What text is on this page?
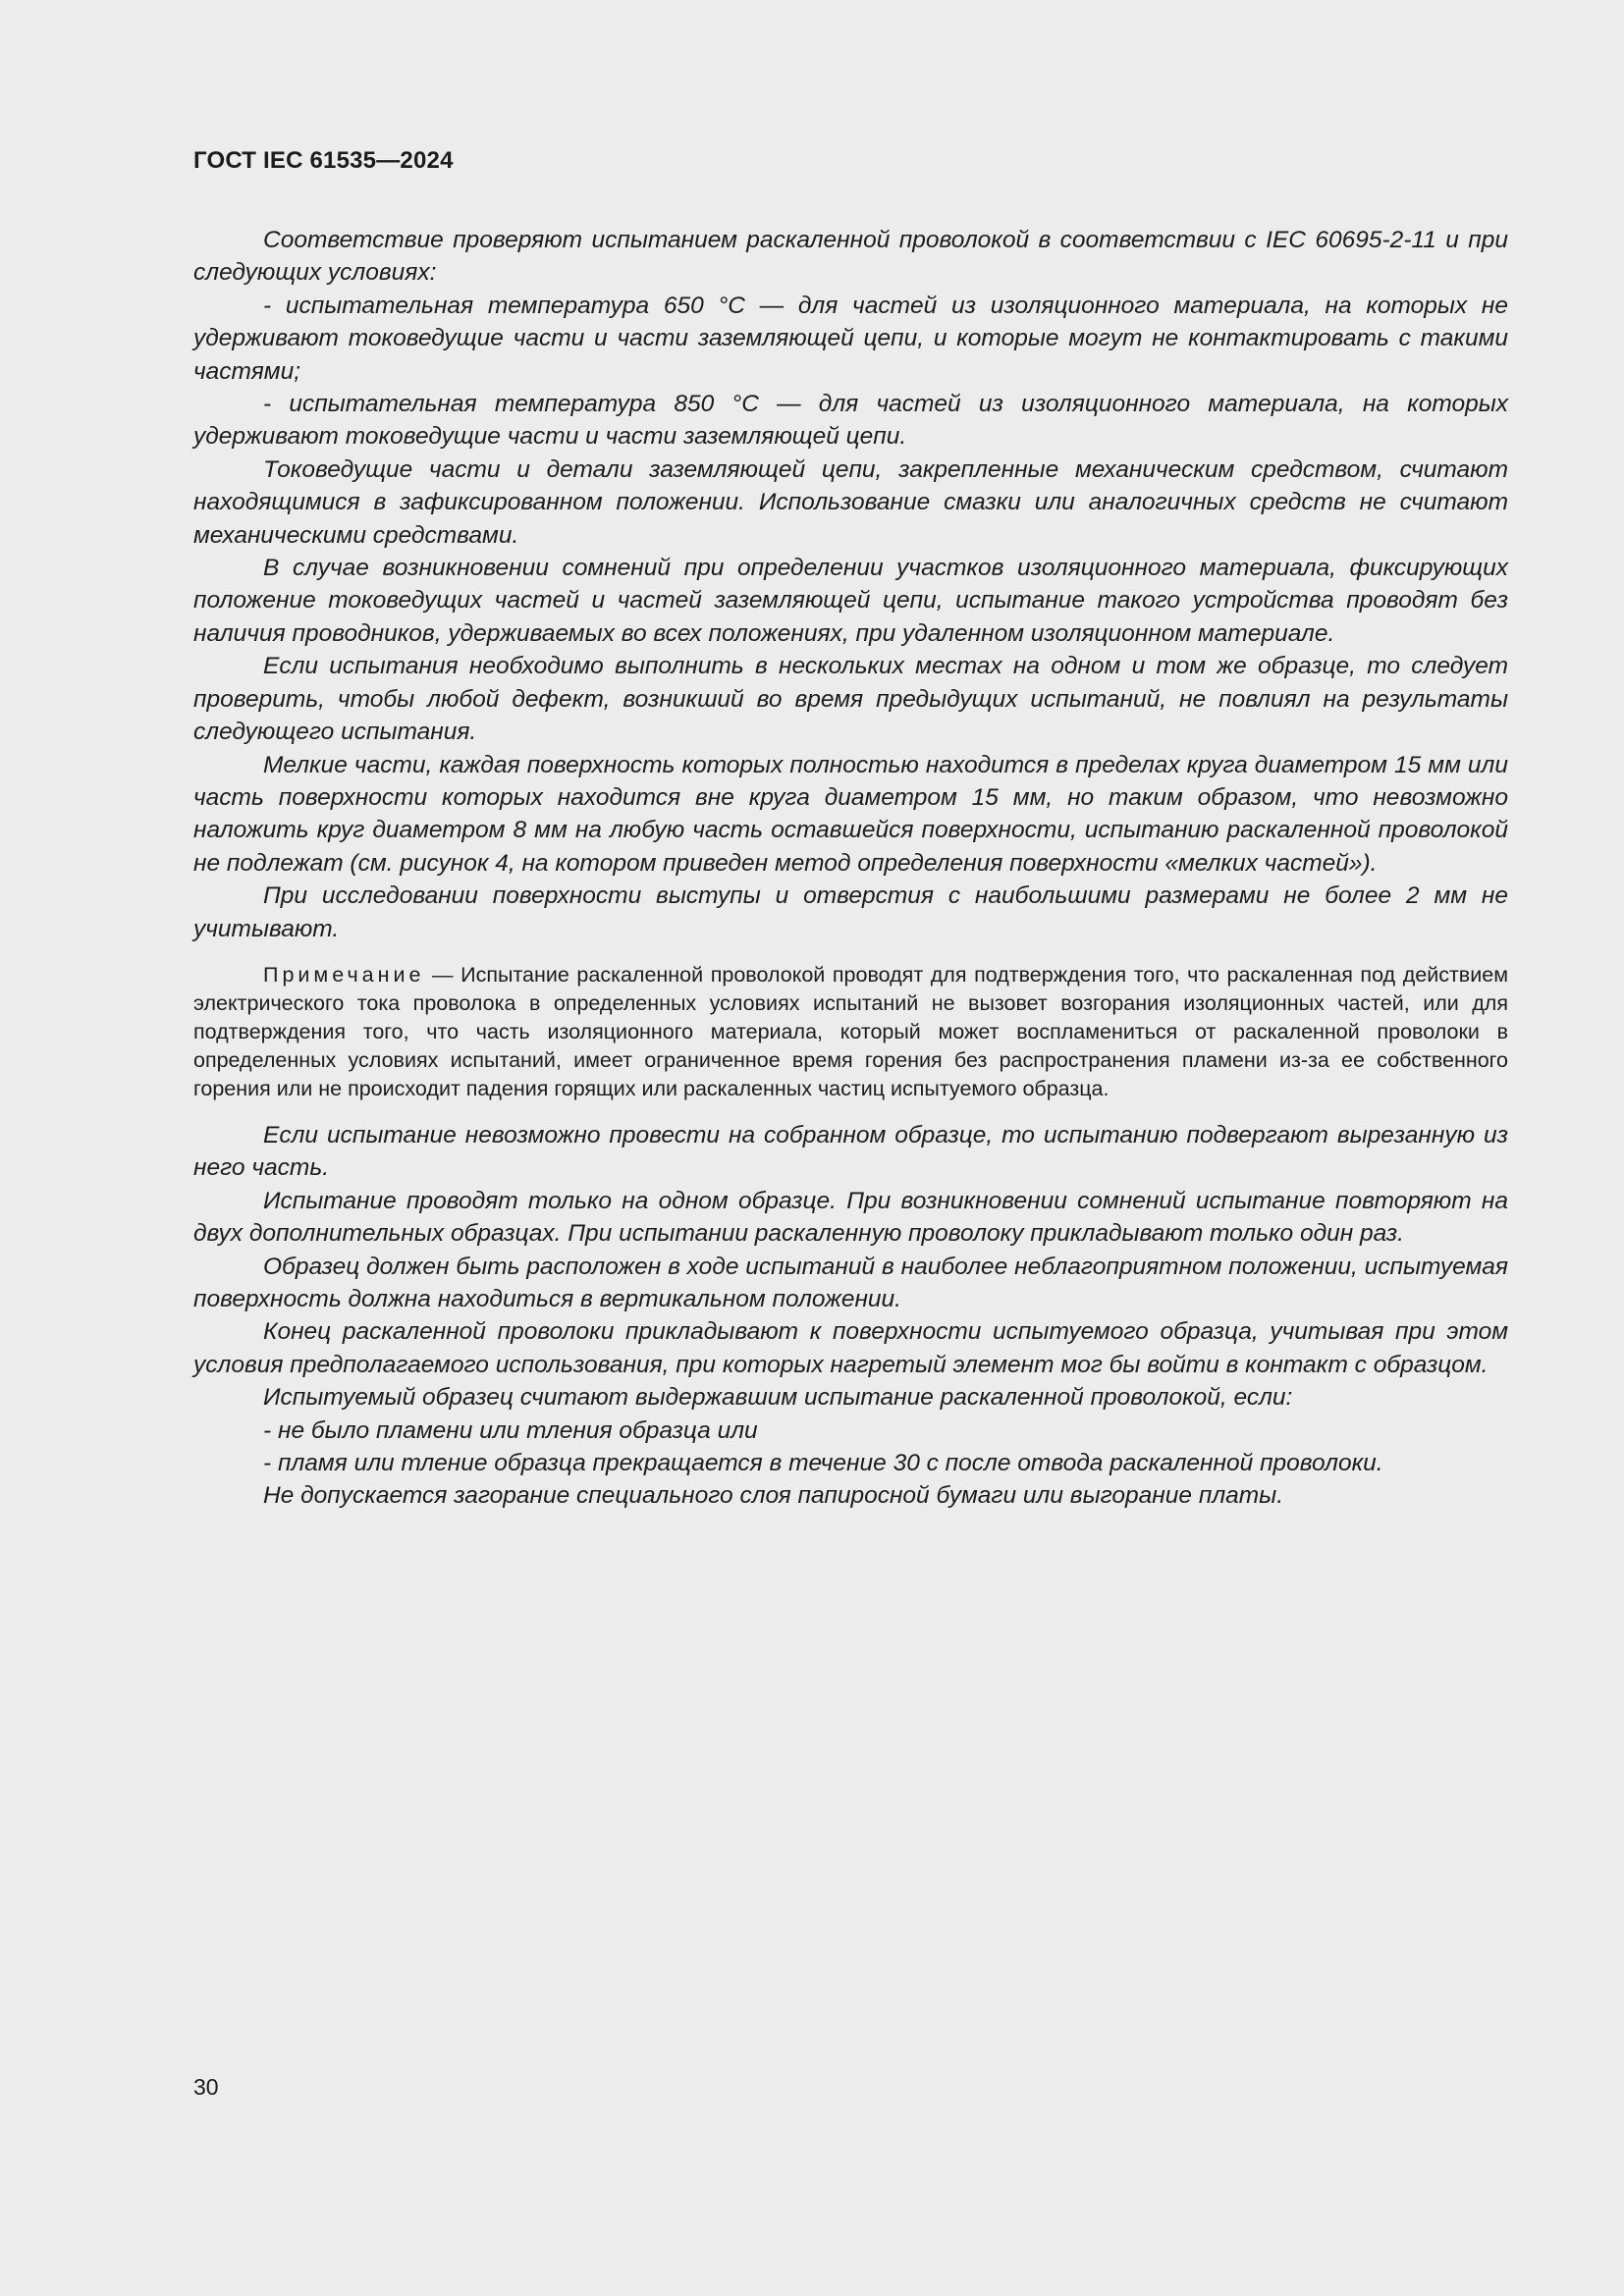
ГОСТ IEC 61535—2024

Соответствие проверяют испытанием раскаленной проволокой в соответствии с IEC 60695-2-11 и при следующих условиях:

- испытательная температура 650 °C — для частей из изоляционного материала, на которых не удерживают токоведущие части и части заземляющей цепи, и которые могут не контактировать с такими частями;

- испытательная температура 850 °C — для частей из изоляционного материала, на которых удерживают токоведущие части и части заземляющей цепи.

Токоведущие части и детали заземляющей цепи, закрепленные механическим средством, считают находящимися в зафиксированном положении. Использование смазки или аналогичных средств не считают механическими средствами.

В случае возникновении сомнений при определении участков изоляционного материала, фиксирующих положение токоведущих частей и частей заземляющей цепи, испытание такого устройства проводят без наличия проводников, удерживаемых во всех положениях, при удаленном изоляционном материале.

Если испытания необходимо выполнить в нескольких местах на одном и том же образце, то следует проверить, чтобы любой дефект, возникший во время предыдущих испытаний, не повлиял на результаты следующего испытания.

Мелкие части, каждая поверхность которых полностью находится в пределах круга диаметром 15 мм или часть поверхности которых находится вне круга диаметром 15 мм, но таким образом, что невозможно наложить круг диаметром 8 мм на любую часть оставшейся поверхности, испытанию раскаленной проволокой не подлежат (см. рисунок 4, на котором приведен метод определения поверхности «мелких частей»).

При исследовании поверхности выступы и отверстия с наибольшими размерами не более 2 мм не учитывают.

Примечание — Испытание раскаленной проволокой проводят для подтверждения того, что раскаленная под действием электрического тока проволока в определенных условиях испытаний не вызовет возгорания изоляционных частей, или для подтверждения того, что часть изоляционного материала, который может воспламениться от раскаленной проволоки в определенных условиях испытаний, имеет ограниченное время горения без распространения пламени из-за ее собственного горения или не происходит падения горящих или раскаленных частиц испытуемого образца.

Если испытание невозможно провести на собранном образце, то испытанию подвергают вырезанную из него часть.

Испытание проводят только на одном образце. При возникновении сомнений испытание повторяют на двух дополнительных образцах. При испытании раскаленную проволоку прикладывают только один раз.

Образец должен быть расположен в ходе испытаний в наиболее неблагоприятном положении, испытуемая поверхность должна находиться в вертикальном положении.

Конец раскаленной проволоки прикладывают к поверхности испытуемого образца, учитывая при этом условия предполагаемого использования, при которых нагретый элемент мог бы войти в контакт с образцом.

Испытуемый образец считают выдержавшим испытание раскаленной проволокой, если:

- не было пламени или тления образца или

- пламя или тление образца прекращается в течение 30 с после отвода раскаленной проволоки.

Не допускается загорание специального слоя папиросной бумаги или выгорание платы.

30
